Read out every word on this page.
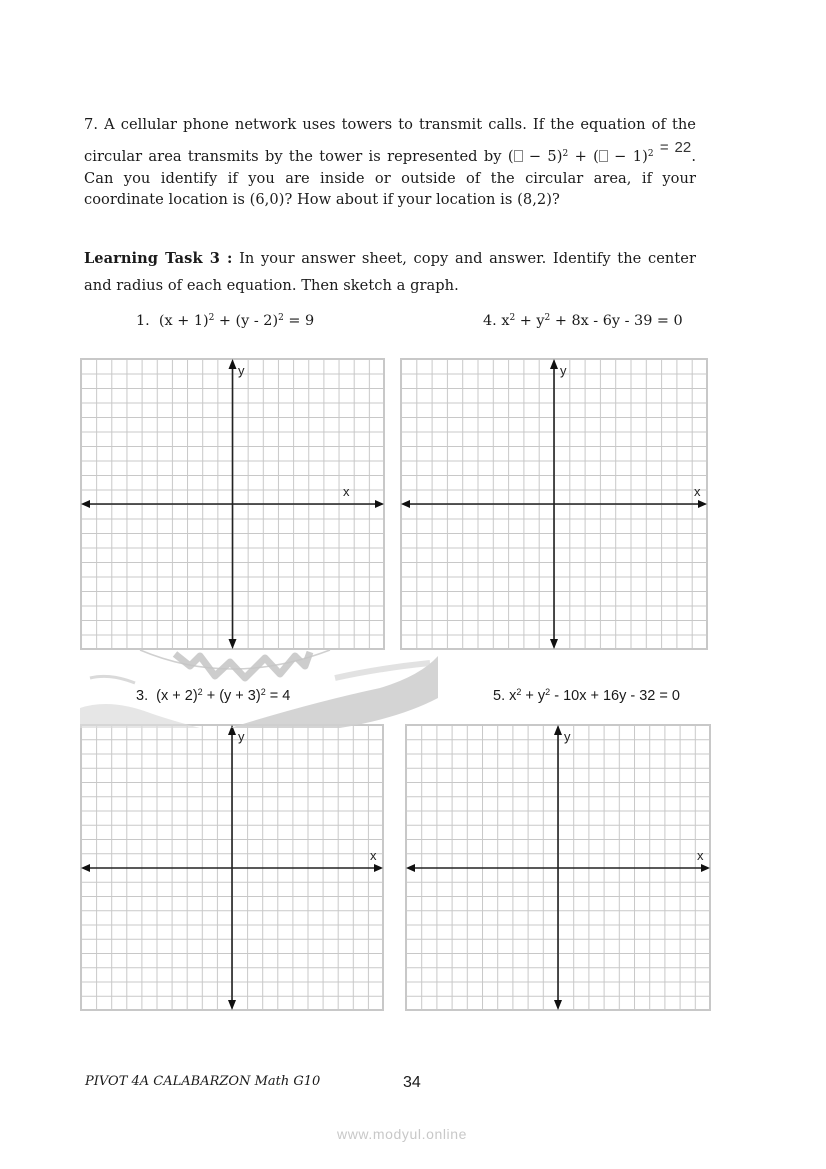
7. A cellular phone network uses towers to transmit calls. If the equation of the
circular area transmits by the tower is represented by ( − 5)$^2$ + ( − 1)$^2$ = 22.
Can you identify if you are inside or outside of the circular area, if your
coordinate location is (6,0)? How about if your location is (8,2)?
Learning Task 3 : In your answer sheet, copy and answer. Identify the center
and radius of each equation. Then sketch a graph.
1. $(x + 1)^2 + (y - 2)^2 = 9$	4. $x^2 + y^2 + 8x - 6y - 39 = 0$
3. $(x + 2)^2 + (y + 3)^2 = 4$	5. $x^2 + y^2 - 10x + 16y - 32 = 0$
y
x
y
x
y
x
y
x
PIVOT 4A CALABARZON Math G10	34
www.modyul.online
